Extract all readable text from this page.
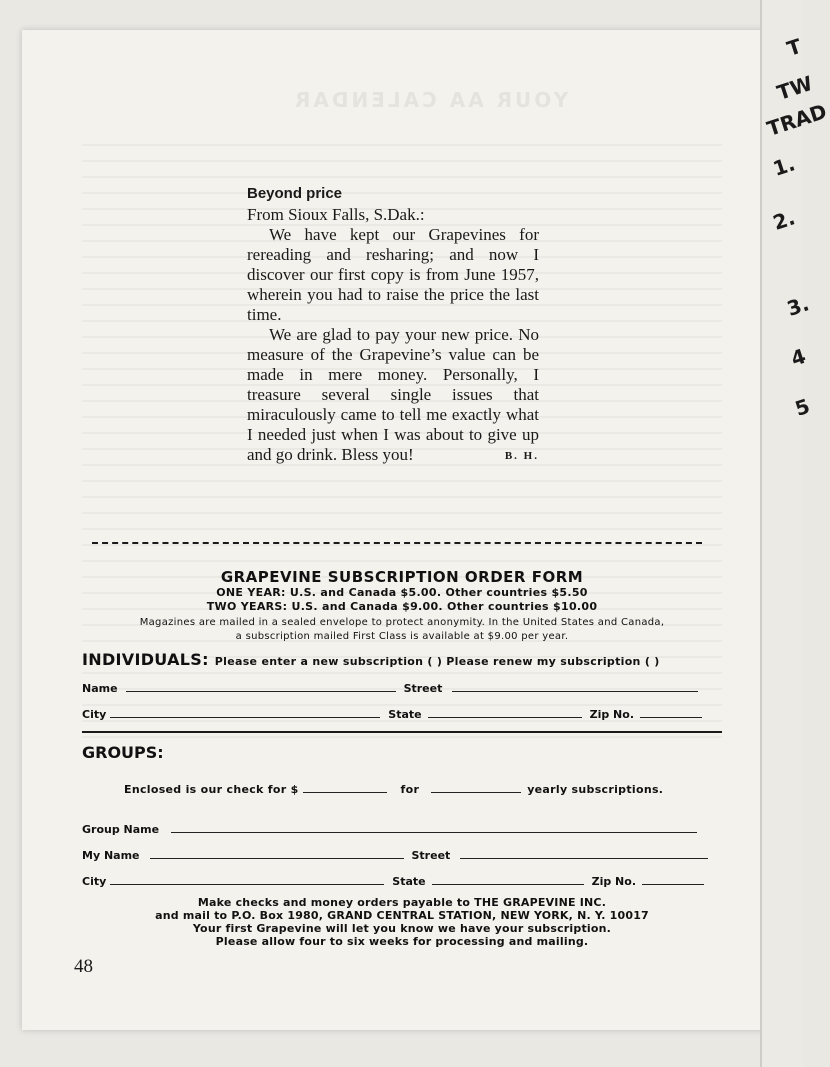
YOUR AA CALENDAR
Beyond price
From Sioux Falls, S.Dak.:

We have kept our Grapevines for rereading and resharing; and now I discover our first copy is from June 1957, wherein you had to raise the price the last time.

We are glad to pay your new price. No measure of the Grapevine’s value can be made in mere money. Personally, I treasure several single issues that miraculously came to tell me exactly what I needed just when I was about to give up and go drink. Bless you!	B. H.
GRAPEVINE SUBSCRIPTION ORDER FORM
ONE YEAR: U.S. and Canada $5.00. Other countries $5.50
TWO YEARS: U.S. and Canada $9.00. Other countries $10.00
Magazines are mailed in a sealed envelope to protect anonymity. In the United States and Canada,
a subscription mailed First Class is available at $9.00 per year.
INDIVIDUALS: Please enter a new subscription ( ) Please renew my subscription ( )
Name	Street
City	State	Zip No.
GROUPS:
Enclosed is our check for $	for	yearly subscriptions.
Group Name
My Name	Street
City	State	Zip No.
Make checks and money orders payable to THE GRAPEVINE INC.
and mail to P.O. Box 1980, GRAND CENTRAL STATION, NEW YORK, N. Y. 10017
Your first Grapevine will let you know we have your subscription.
Please allow four to six weeks for processing and mailing.
48
T
TW
TRAD
1.
2.
3.
4
5
